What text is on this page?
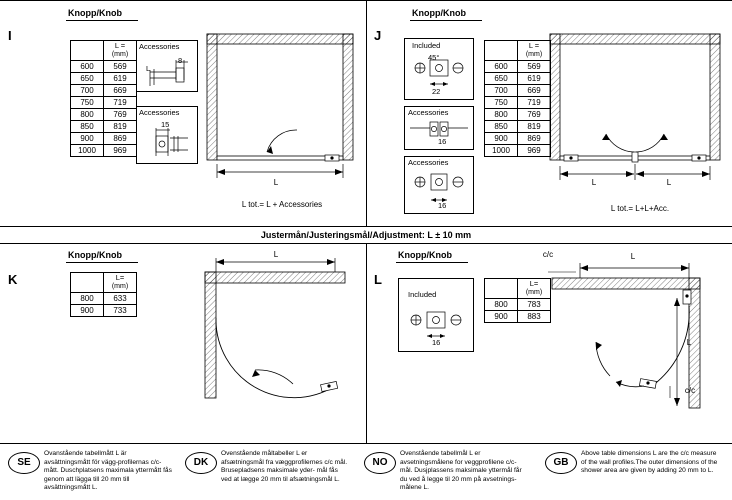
I
Knopp/Knob
	L =
(mm)
600	569
650	619
700	669
750	719
800	769
850	819
900	869
1000	969
Accessories
8
L
Accessories
15
L
L tot.= L + Accessories
J
Knopp/Knob
Included
45°
22
Accessories
16
Accessories
16
	L =
(mm)
600	569
650	619
700	669
750	719
800	769
850	819
900	869
1000	969
L	L
L tot.= L+L+Acc.
Justermån/Justeringsmål/Adjustment: L ± 10 mm
K
Knopp/Knob
	L=
(mm)
800	633
900	733
L
L
Knopp/Knob
Included
16
	L=
(mm)
800	783
900	883
L
L
c/c
c/c
SE
Ovanstående tabellmått L är avsättningsmått för vägg-profilernas c/c-mått. Duschplatsens maximala yttermått fås genom att lägga till 20 mm till avsättningsmått L.
DK
Ovenstående måltabeller L er afsætningsmål fra væggprofilernes c/c mål. Brusepladsens maksimale yder- mål fås ved at lægge 20 mm til afsætningsmål L.
NO
Ovenstående tabellmål L er avsetningsmålene for veggprofilene c/c- mål. Dusjplassens maksimale yttermål får du ved å legge til 20 mm på avsetnings-målene L.
GB
Above table dimensions L are the c/c measure of the wall profiles.The outer dimensions of the shower area are given by adding 20 mm to L.
